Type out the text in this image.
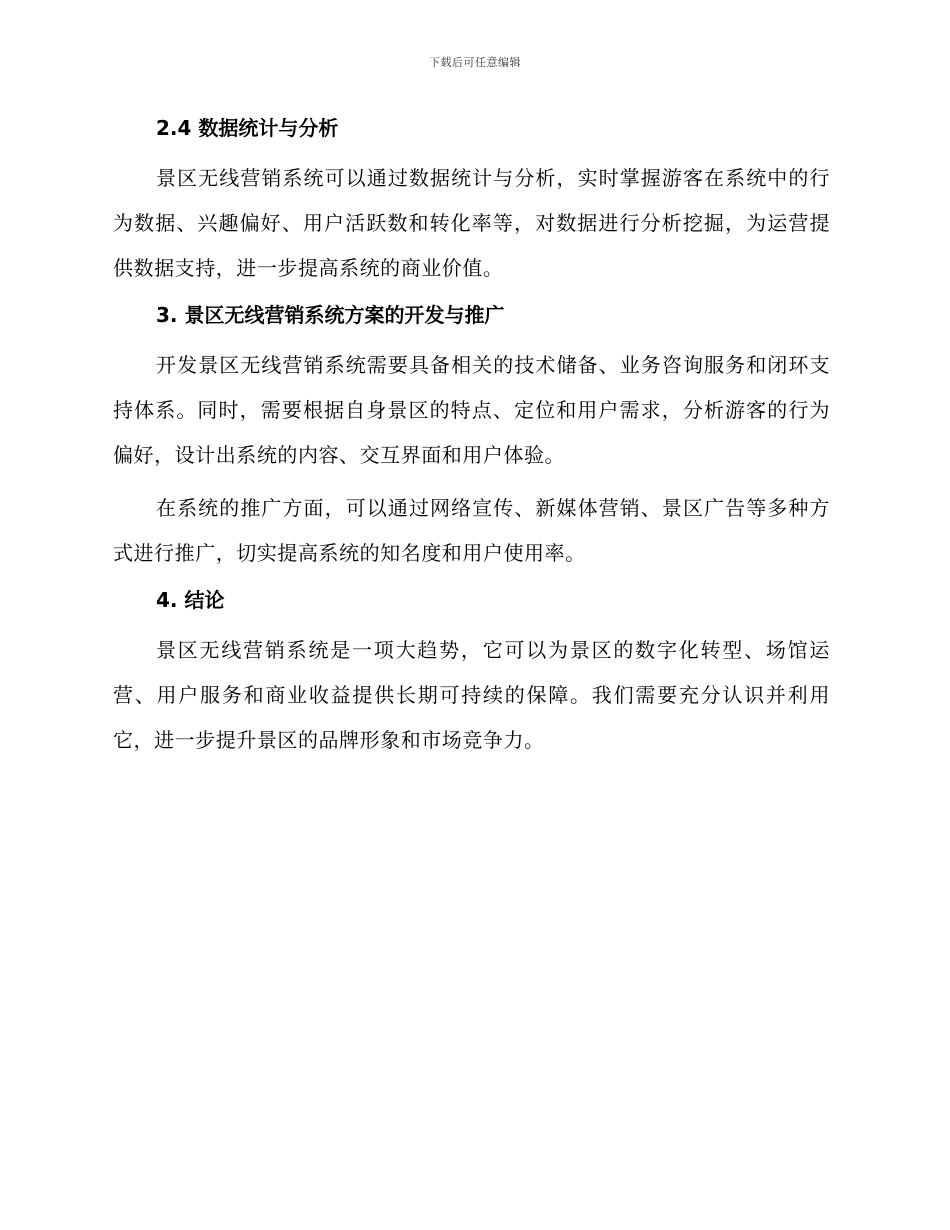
下载后可任意编辑
2.4 数据统计与分析

景区无线营销系统可以通过数据统计与分析，实时掌握游客在系统中的行为数据、兴趣偏好、用户活跃数和转化率等，对数据进行分析挖掘，为运营提供数据支持，进一步提高系统的商业价值。

3. 景区无线营销系统方案的开发与推广

开发景区无线营销系统需要具备相关的技术储备、业务咨询服务和闭环支持体系。同时，需要根据自身景区的特点、定位和用户需求，分析游客的行为偏好，设计出系统的内容、交互界面和用户体验。

在系统的推广方面，可以通过网络宣传、新媒体营销、景区广告等多种方式进行推广，切实提高系统的知名度和用户使用率。

4. 结论

景区无线营销系统是一项大趋势，它可以为景区的数字化转型、场馆运营、用户服务和商业收益提供长期可持续的保障。我们需要充分认识并利用它，进一步提升景区的品牌形象和市场竞争力。
